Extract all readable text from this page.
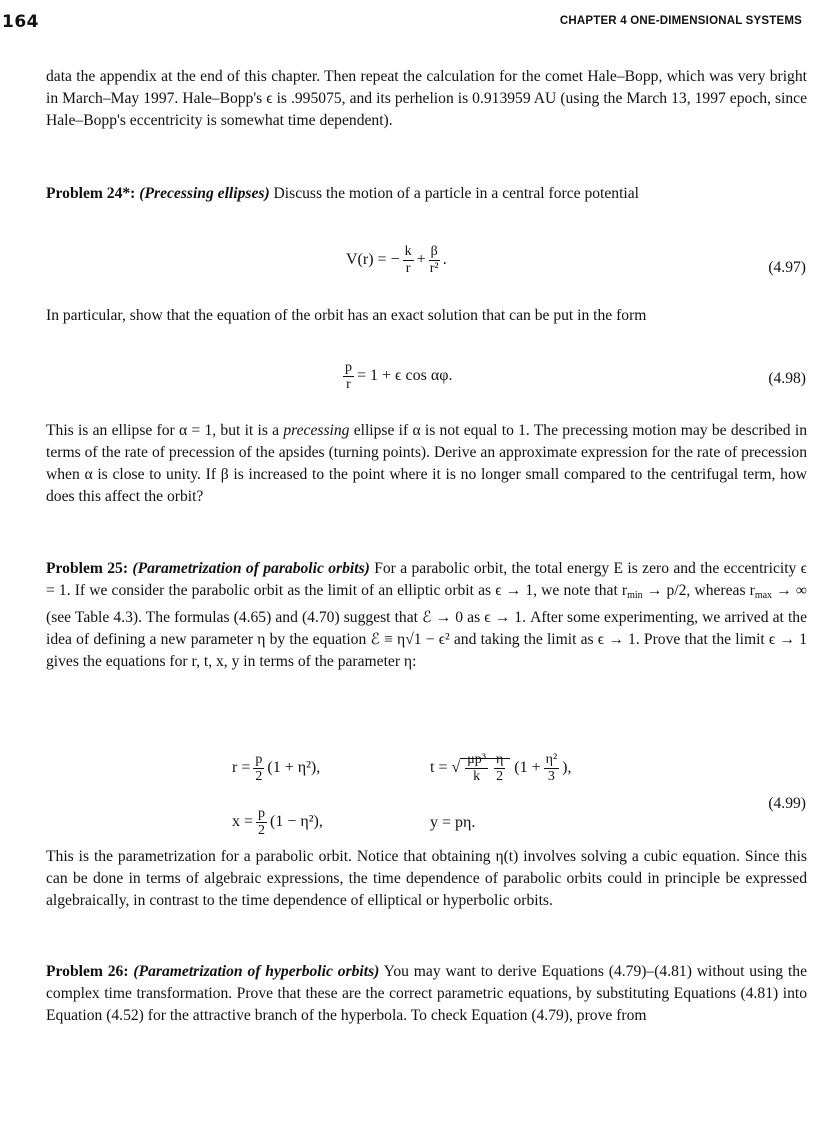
164	CHAPTER 4 ONE-DIMENSIONAL SYSTEMS

data the appendix at the end of this chapter. Then repeat the calculation for the comet Hale–Bopp, which was very bright in March–May 1997. Hale–Bopp's ϵ is .995075, and its perhelion is 0.913959 AU (using the March 13, 1997 epoch, since Hale–Bopp's eccentricity is somewhat time dependent).

Problem 24*: (Precessing ellipses) Discuss the motion of a particle in a central force potential

V(r) = − $\frac{k}{r} + \frac{\beta}{\text{r²}}$ .	(4.97)

In particular, show that the equation of the orbit has an exact solution that can be put in the form

$\frac{p}{r} = 1 + \epsilon$ cos αφ.	(4.98)

This is an ellipse for α = 1, but it is a precessing ellipse if α is not equal to 1. The precessing motion may be described in terms of the rate of precession of the apsides (turning points). Derive an approximate expression for the rate of precession when α is close to unity. If β is increased to the point where it is no longer small compared to the centrifugal term, how does this affect the orbit?

Problem 25: (Parametrization of parabolic orbits) For a parabolic orbit, the total energy E is zero and the eccentricity ϵ = 1. If we consider the parabolic orbit as the limit of an elliptic orbit as ϵ → 1, we note that $r_{min} \to p/2$, whereas $r_{max}$ → ∞ (see Table 4.3). The formulas (4.65) and (4.70) suggest that ℰ → 0 as ϵ → 1. After some experimenting, we arrived at the idea of defining a new parameter η by the equation ℰ ≡ η√1 − ϵ² and taking the limit as ϵ → 1. Prove that the limit ϵ → 1 gives the equations for r, t, x, y in terms of the parameter η:

$r = \frac{p}{2} (1 + \eta^2)$,	t = √ $\frac{\text{μp³}}{k} \frac{\eta}{2} (1 + \frac{\text{η²}}{3}$ ),
(4.99)
$x = \frac{p}{2} (1 - \eta^2)$,	y = pη.

This is the parametrization for a parabolic orbit. Notice that obtaining η(t) involves solving a cubic equation. Since this can be done in terms of algebraic expressions, the time dependence of parabolic orbits could in principle be expressed algebraically, in contrast to the time dependence of elliptical or hyperbolic orbits.

Problem 26: (Parametrization of hyperbolic orbits) You may want to derive Equations (4.79)–(4.81) without using the complex time transformation. Prove that these are the correct parametric equations, by substituting Equations (4.81) into Equation (4.52) for the attractive branch of the hyperbola. To check Equation (4.79), prove from
